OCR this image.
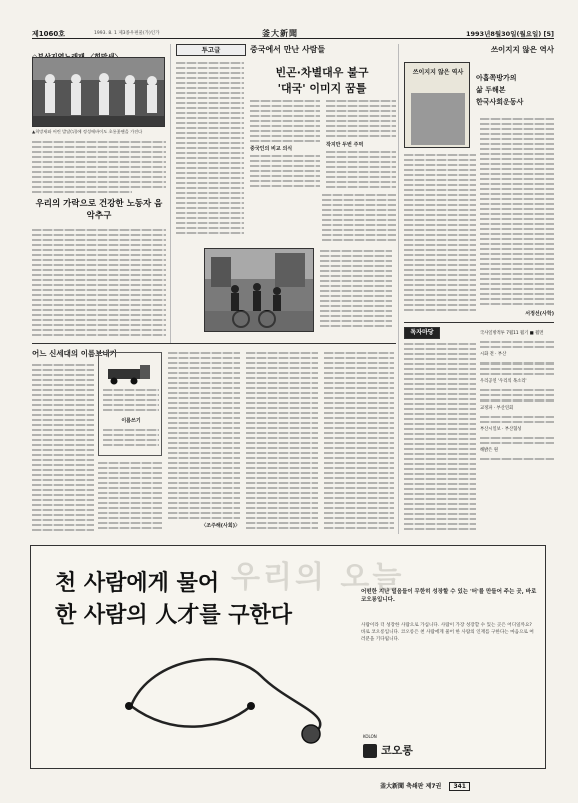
제1060호	1993. 8. 1 제3종우편물(가)인가	釜大新聞	1993년8월30일(월요일) [5]
▲희망새와 어린 발달(뒤)에 정성에바이도 초롱꽃팬을 가진다
우리의 가락으로 건강한 노동자 음악추구
투고글	중국에서 만난 사람들
빈곤·차별대우 불구
'대국' 이미지 꿈틀
중국인의 비교 의식
작지만 두번 주먹
쓰이지지 않은 역사
쓰이지지 않은 역사
아홉쪽방가의
삶 두해본
한국사회운동사
서정선(사학)
독자마당	국사일방적투 7월11 월기 ■ 월면
시화 전 · 부산
우리공연 '우리의 목소리'
교정파 · 부산연회
부산시일보 · 부산협성
해밝은 원
어느 신세대의 이름보내기
이름쓰기
〈조주해(사회)〉
우리의 오늘
천 사람에게 물어
한 사람의 人才를 구한다
어떤한 지난 밀음들이 무한히 성장할 수 있는 '터'를 만들어 주는 곳, 바로 코오롱입니다.
사람이라 더 성장한 사람으로 가십니다. 사람이 가장 성장할 수 있는 곳은 어디일까요? 바로 코오롱입니다. 코오롱은 천 사람에게 물어 한 사람의 인재를 구한다는 마음으로 여러분을 기다립니다.
코오롱
KOLON
釜大新聞 축쇄판 제7권 341
